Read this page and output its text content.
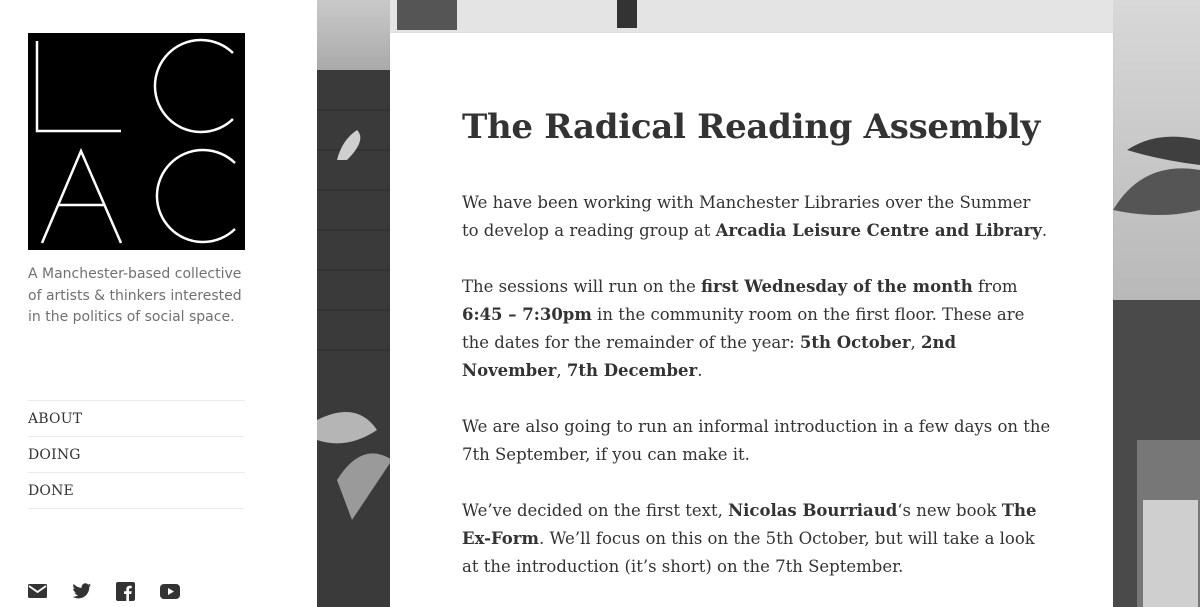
A Manchester-based collective of artists & thinkers interested in the politics of social space.

ABOUT
DOING
DONE
The Radical Reading Assembly

We have been working with Manchester Libraries over the Summer to develop a reading group at Arcadia Leisure Centre and Library.

The sessions will run on the first Wednesday of the month from 6:45 – 7:30pm in the community room on the first floor. These are the dates for the remainder of the year: 5th October, 2nd November, 7th December.

We are also going to run an informal introduction in a few days on the 7th September, if you can make it.

We’ve decided on the first text, Nicolas Bourriaud‘s new book The Ex-Form. We’ll focus on this on the 5th October, but will take a look at the introduction (it’s short) on the 7th September.
